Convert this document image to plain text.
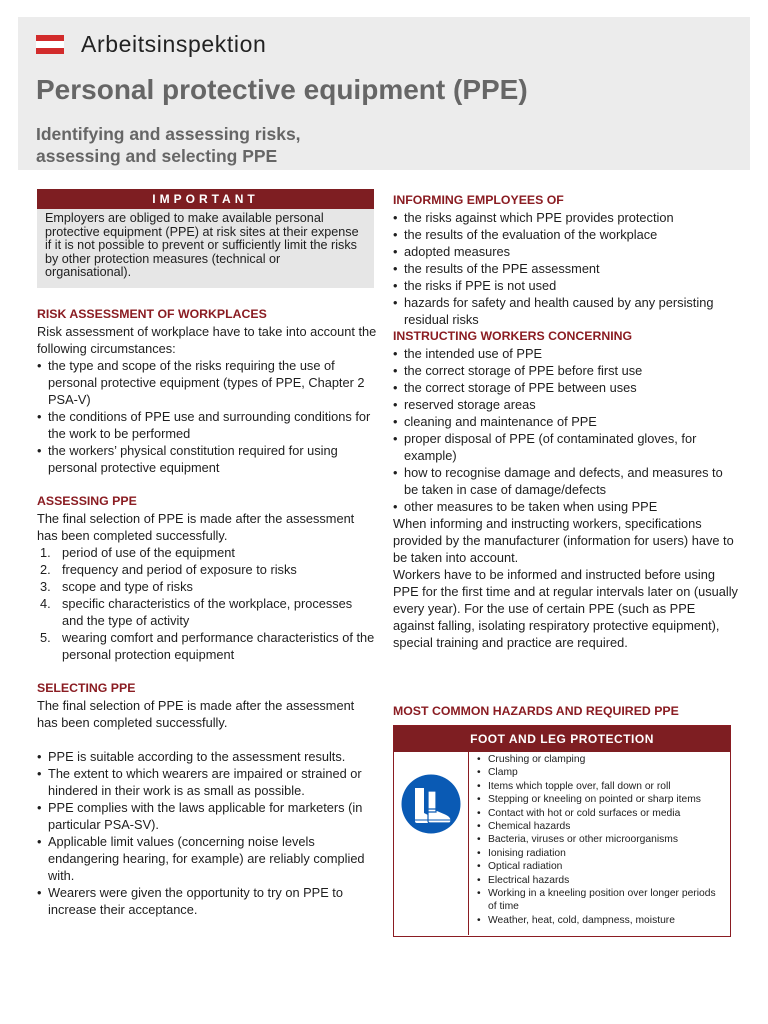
Arbeitsinspektion
Personal protective equipment (PPE)
Identifying and assessing risks,
assessing and selecting PPE
IMPORTANT
Employers are obliged to make available personal protective equipment (PPE) at risk sites at their expense if it is not possible to prevent or sufficiently limit the risks by other protection measures (technical or organisational).
RISK ASSESSMENT OF WORKPLACES
Risk assessment of workplace have to take into account the following circumstances:
• the type and scope of the risks requiring the use of personal protective equipment (types of PPE, Chapter 2 PSA-V)
• the conditions of PPE use and surrounding conditions for the work to be performed
• the workers’ physical constitution required for using personal protective equipment
ASSESSING PPE
The final selection of PPE is made after the assessment has been completed successfully.
1. period of use of the equipment
2. frequency and period of exposure to risks
3. scope and type of risks
4. specific characteristics of the workplace, processes and the type of activity
5. wearing comfort and performance characteristics of the personal protection equipment
SELECTING PPE
The final selection of PPE is made after the assessment has been completed successfully.
• PPE is suitable according to the assessment results.
• The extent to which wearers are impaired or strained or hindered in their work is as small as possible.
• PPE complies with the laws applicable for marketers (in particular PSA-SV).
• Applicable limit values (concerning noise levels endangering hearing, for example) are reliably complied with.
• Wearers were given the opportunity to try on PPE to increase their acceptance.
INFORMING EMPLOYEES OF
• the risks against which PPE provides protection
• the results of the evaluation of the workplace
• adopted measures
• the results of the PPE assessment
• the risks if PPE is not used
• hazards for safety and health caused by any persisting residual risks
INSTRUCTING WORKERS CONCERNING
• the intended use of PPE
• the correct storage of PPE before first use
• the correct storage of PPE between uses
• reserved storage areas
• cleaning and maintenance of PPE
• proper disposal of PPE (of contaminated gloves, for example)
• how to recognise damage and defects, and measures to be taken in case of damage/defects
• other measures to be taken when using PPE
When informing and instructing workers, specifications provided by the manufacturer (information for users) have to be taken into account.
Workers have to be informed and instructed before using PPE for the first time and at regular intervals later on (usually every year). For the use of certain PPE (such as PPE against falling, isolating respiratory protective equipment), special training and practice are required.
MOST COMMON HAZARDS AND REQUIRED PPE
FOOT AND LEG PROTECTION
• Crushing or clamping
• Clamp
• Items which topple over, fall down or roll
• Stepping or kneeling on pointed or sharp items
• Contact with hot or cold surfaces or media
• Chemical hazards
• Bacteria, viruses or other microorganisms
• Ionising radiation
• Optical radiation
• Electrical hazards
• Working in a kneeling position over longer periods of time
• Weather, heat, cold, dampness, moisture
